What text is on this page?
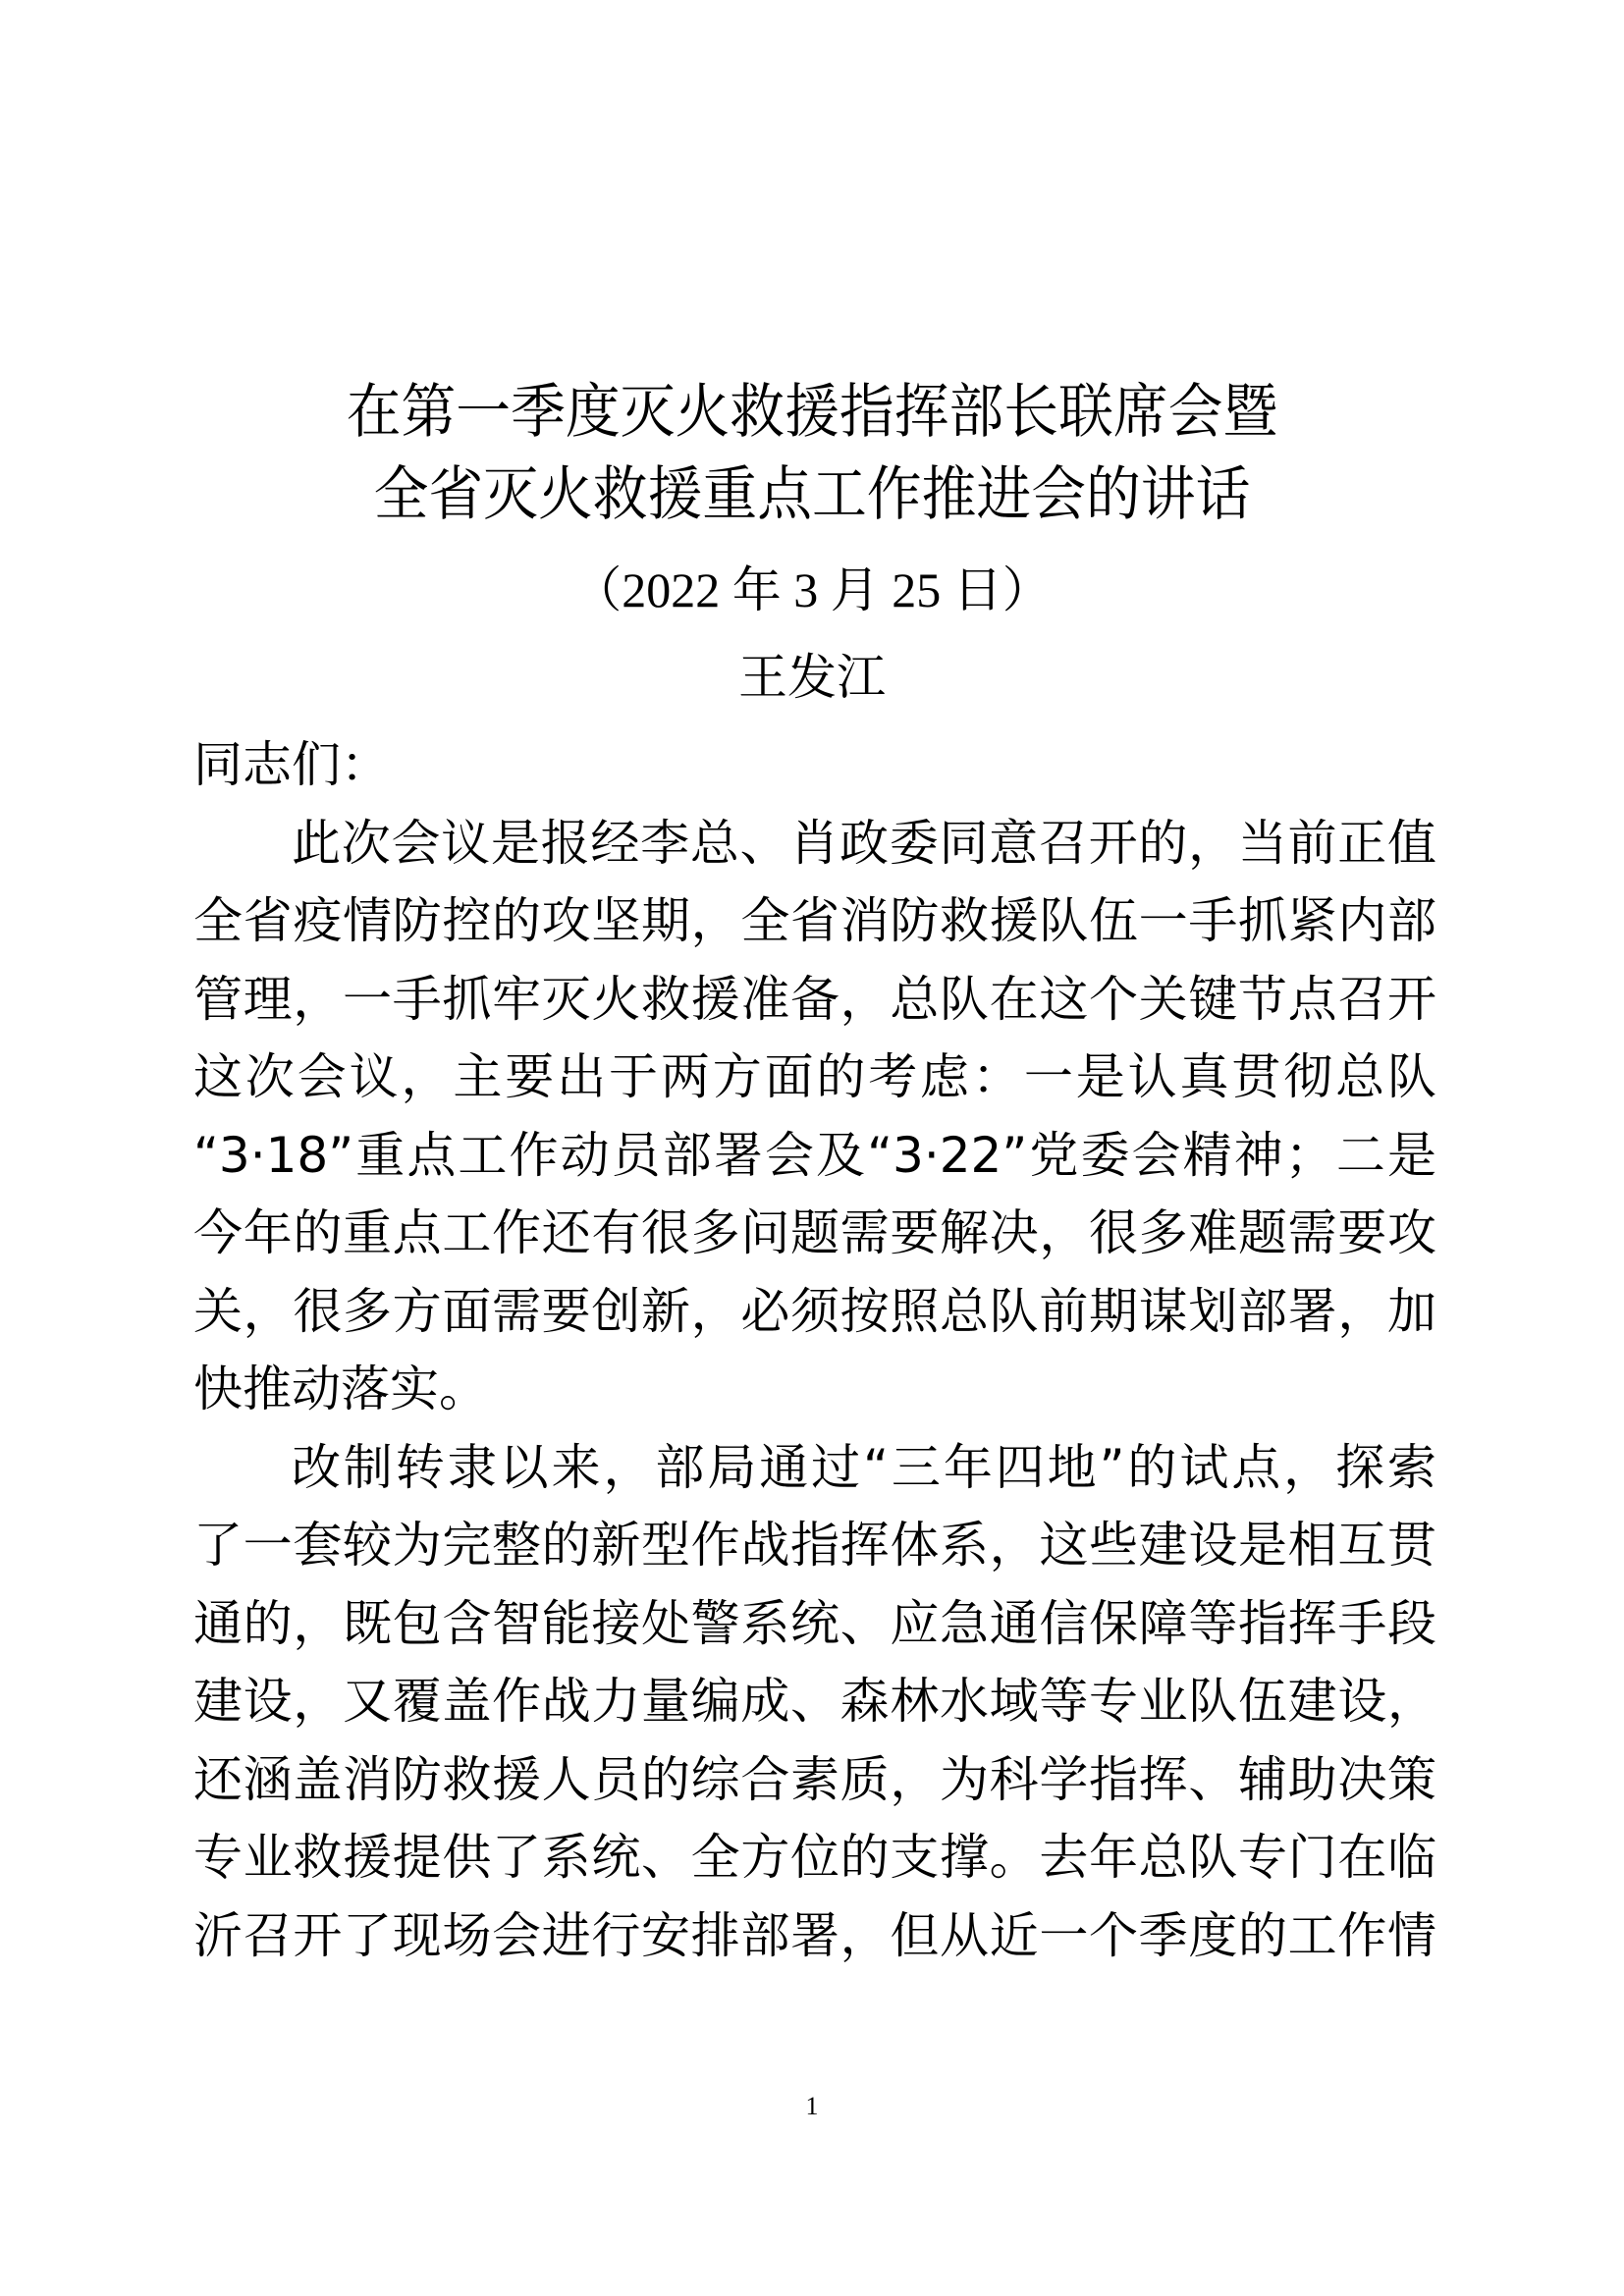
在第一季度灭火救援指挥部长联席会暨
全省灭火救援重点工作推进会的讲话
（2022 年 3 月 25 日）
王发江
同志们：
此次会议是报经李总、肖政委同意召开的，当前正值
全省疫情防控的攻坚期，全省消防救援队伍一手抓紧内部
管理，一手抓牢灭火救援准备，总队在这个关键节点召开
这次会议，主要出于两方面的考虑：一是认真贯彻总队
“3·18”重点工作动员部署会及“3·22”党委会精神；二是
今年的重点工作还有很多问题需要解决，很多难题需要攻
关，很多方面需要创新，必须按照总队前期谋划部署，加
快推动落实。
改制转隶以来，部局通过“三年四地”的试点，探索
了一套较为完整的新型作战指挥体系，这些建设是相互贯
通的，既包含智能接处警系统、应急通信保障等指挥手段
建设，又覆盖作战力量编成、森林水域等专业队伍建设，
还涵盖消防救援人员的综合素质，为科学指挥、辅助决策
专业救援提供了系统、全方位的支撑。去年总队专门在临
沂召开了现场会进行安排部署，但从近一个季度的工作情
1
